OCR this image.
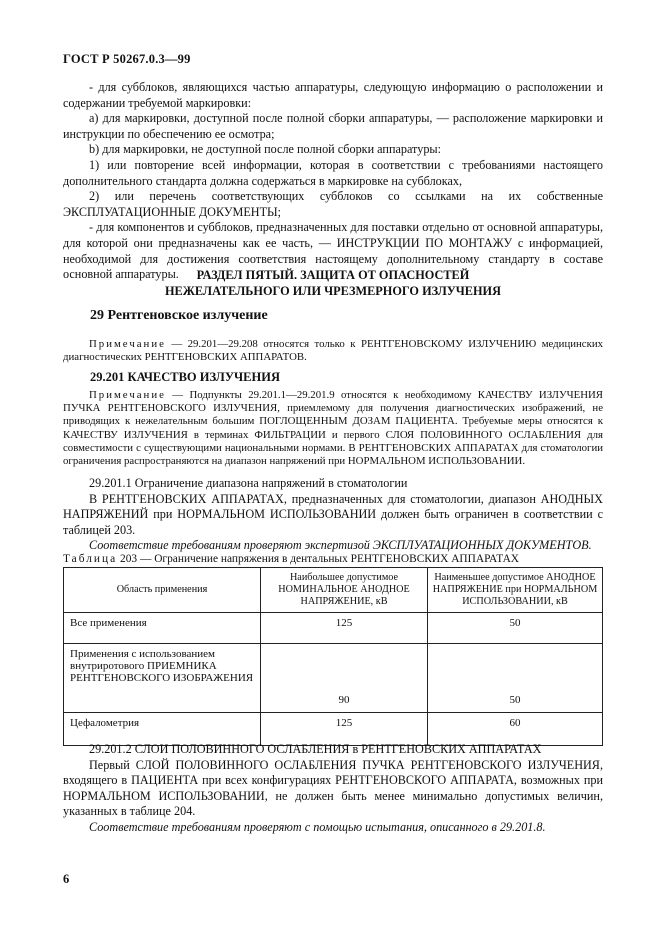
ГОСТ Р 50267.0.3—99

- для субблоков, являющихся частью аппаратуры, следующую информацию о расположении и содержании требуемой маркировки:

a) для маркировки, доступной после полной сборки аппаратуры, — расположение маркировки и инструкции по обеспечению ее осмотра;

b) для маркировки, не доступной после полной сборки аппаратуры:

1) или повторение всей информации, которая в соответствии с требованиями настоящего дополнительного стандарта должна содержаться в маркировке на субблоках,

2) или перечень соответствующих субблоков со ссылками на их собственные ЭКСПЛУАТАЦИОННЫЕ ДОКУМЕНТЫ;

- для компонентов и субблоков, предназначенных для поставки отдельно от основной аппаратуры, для которой они предназначены как ее часть, — ИНСТРУКЦИИ ПО МОНТАЖУ с информацией, необходимой для достижения соответствия настоящему дополнительному стандарту в составе основной аппаратуры.	РАЗДЕЛ ПЯТЫЙ. ЗАЩИТА ОТ ОПАСНОСТЕЙ
НЕЖЕЛАТЕЛЬНОГО ИЛИ ЧРЕЗМЕРНОГО ИЗЛУЧЕНИЯ
29 Рентгеновское излучение

Примечание — 29.201—29.208 относятся только к РЕНТГЕНОВСКОМУ ИЗЛУЧЕНИЮ медицинских диагностических РЕНТГЕНОВСКИХ АППАРАТОВ.

29.201 КАЧЕСТВО ИЗЛУЧЕНИЯ

Примечание — Подпункты 29.201.1—29.201.9 относятся к необходимому КАЧЕСТВУ ИЗЛУЧЕНИЯ ПУЧКА РЕНТГЕНОВСКОГО ИЗЛУЧЕНИЯ, приемлемому для получения диагностических изображений, не приводящих к нежелательным большим ПОГЛОЩЕННЫМ ДОЗАМ ПАЦИЕНТА. Требуемые меры относятся к КАЧЕСТВУ ИЗЛУЧЕНИЯ в терминах ФИЛЬТРАЦИИ и первого СЛОЯ ПОЛОВИННОГО ОСЛАБЛЕНИЯ для совместимости с существующими национальными нормами. В РЕНТГЕНОВСКИХ АППАРАТАХ для стоматологии ограничения распространяются на диапазон напряжений при НОРМАЛЬНОМ ИСПОЛЬЗОВАНИИ.

29.201.1 Ограничение диапазона напряжений в стоматологии

В РЕНТГЕНОВСКИХ АППАРАТАХ, предназначенных для стоматологии, диапазон АНОДНЫХ НАПРЯЖЕНИЙ при НОРМАЛЬНОМ ИСПОЛЬЗОВАНИИ должен быть ограничен в соответствии с таблицей 203.

Соответствие требованиям проверяют экспертизой ЭКСПЛУАТАЦИОННЫХ ДОКУМЕНТОВ.

Таблица 203 — Ограничение напряжения в дентальных РЕНТГЕНОВСКИХ АППАРАТАХ
Область применения	Наибольшее допустимое НОМИНАЛЬНОЕ АНОДНОЕ НАПРЯЖЕНИЕ, кВ	Наименьшее допустимое АНОДНОЕ НАПРЯЖЕНИЕ при НОРМАЛЬНОМ ИСПОЛЬЗОВАНИИ, кВ
Все применения	125	50
Применения с использованием внутриротового ПРИЕМНИКА РЕНТГЕНОВСКОГО ИЗОБРАЖЕНИЯ	90	50
Цефалометрия	125	60

29.201.2 СЛОИ ПОЛОВИННОГО ОСЛАБЛЕНИЯ в РЕНТГЕНОВСКИХ АППАРАТАХ

Первый СЛОЙ ПОЛОВИННОГО ОСЛАБЛЕНИЯ ПУЧКА РЕНТГЕНОВСКОГО ИЗЛУЧЕНИЯ, входящего в ПАЦИЕНТА при всех конфигурациях РЕНТГЕНОВСКОГО АППАРАТА, возможных при НОРМАЛЬНОМ ИСПОЛЬЗОВАНИИ, не должен быть менее минимально допустимых величин, указанных в таблице 204.

Соответствие требованиям проверяют с помощью испытания, описанного в 29.201.8.

6
